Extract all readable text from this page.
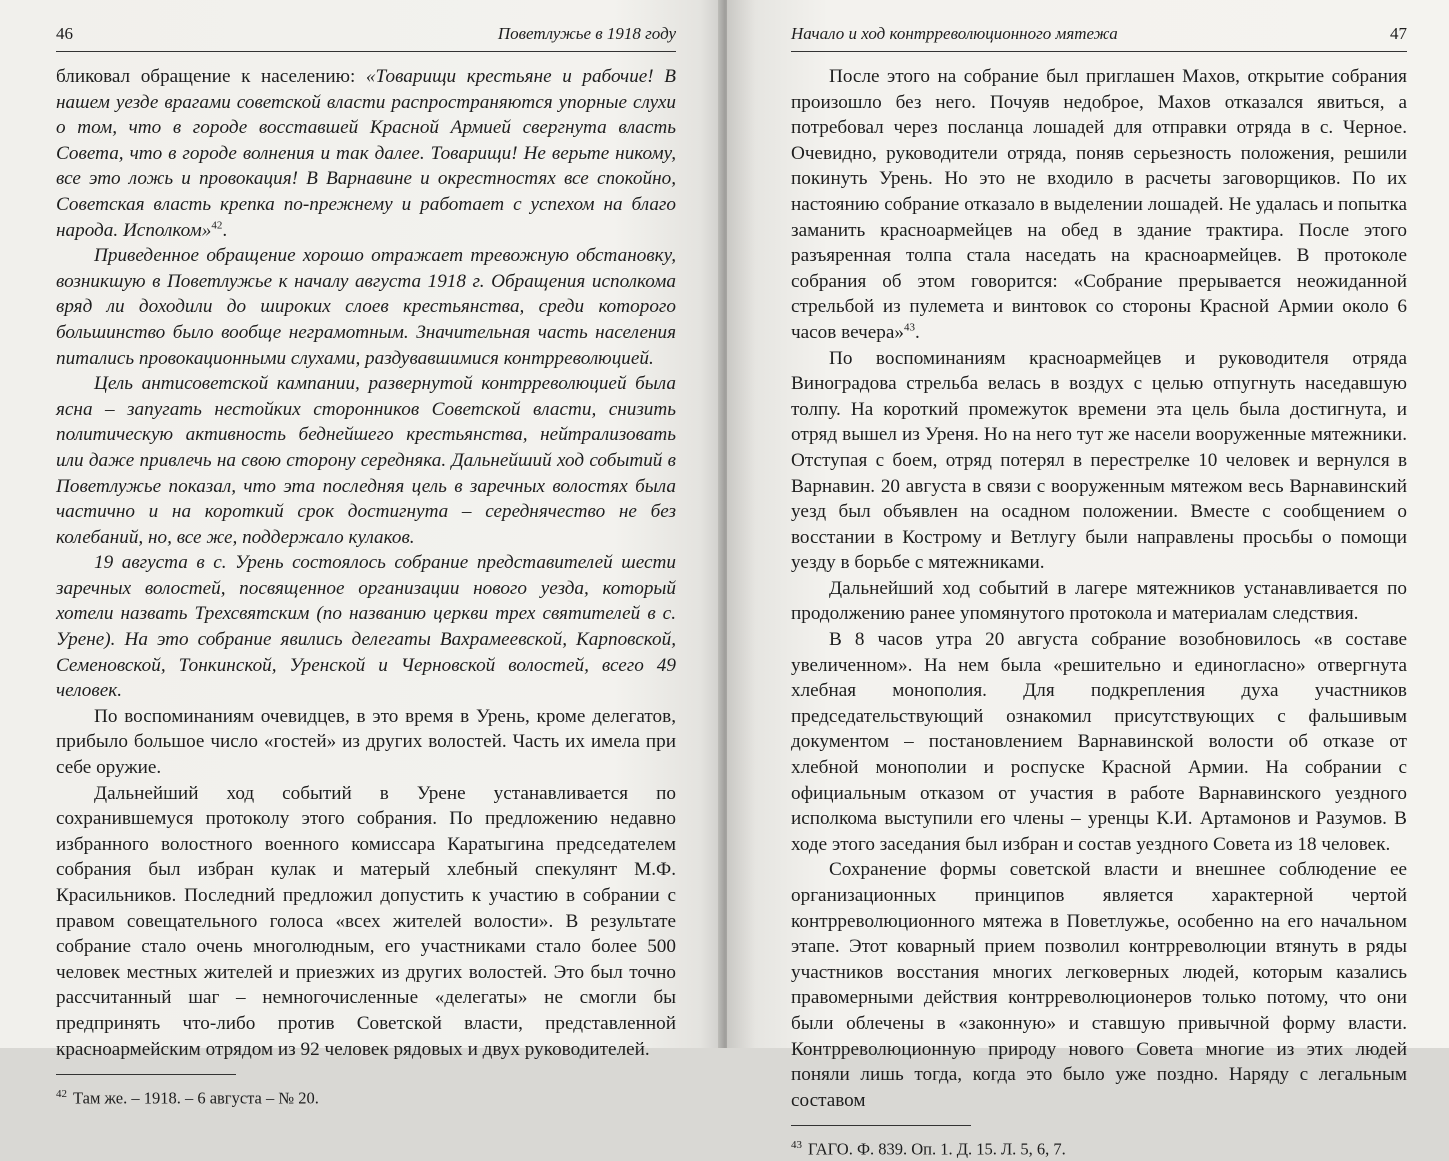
46	Поветлужье в 1918 году

бликовал обращение к населению: «Товарищи крестьяне и рабочие! В нашем уезде врагами советской власти распространяются упорные слухи о том, что в городе восставшей Красной Армией свергнута власть Совета, что в городе волнения и так далее. Товарищи! Не верьте никому, все это ложь и провокация! В Варнавине и окрестностях все спокойно, Советская власть крепка по-прежнему и работает с успехом на благо народа. Исполком»$^{42}$.

Приведенное обращение хорошо отражает тревожную обстановку, возникшую в Поветлужье к началу августа 1918 г. Обращения исполкома вряд ли доходили до широких слоев крестьянства, среди которого большинство было вообще неграмотным. Значительная часть населения питались провокационными слухами, раздувавшимися контрреволюцией.

Цель антисоветской кампании, развернутой контрреволюцией была ясна – запугать нестойких сторонников Советской власти, снизить политическую активность беднейшего крестьянства, нейтрализовать или даже привлечь на свою сторону середняка. Дальнейший ход событий в Поветлужье показал, что эта последняя цель в заречных волостях была частично и на короткий срок достигнута – середнячество не без колебаний, но, все же, поддержало кулаков.

19 августа в с. Урень состоялось собрание представителей шести заречных волостей, посвященное организации нового уезда, который хотели назвать Трехсвятским (по названию церкви трех святителей в с. Урене). На это собрание явились делегаты Вахрамеевской, Карповской, Семеновской, Тонкинской, Уренской и Черновской волостей, всего 49 человек.

По воспоминаниям очевидцев, в это время в Урень, кроме делегатов, прибыло большое число «гостей» из других волостей. Часть их имела при себе оружие.

Дальнейший ход событий в Урене устанавливается по сохранившемуся протоколу этого собрания. По предложению недавно избранного волостного военного комиссара Каратыгина председателем собрания был избран кулак и матерый хлебный спекулянт М.Ф. Красильников. Последний предложил допустить к участию в собрании с правом совещательного голоса «всех жителей волости». В результате собрание стало очень многолюдным, его участниками стало более 500 человек местных жителей и приезжих из других волостей. Это был точно рассчитанный шаг – немногочисленные «делегаты» не смогли бы предпринять что-либо против Советской власти, представленной красноармейским отрядом из 92 человек рядовых и двух руководителей.

$^{42}$ Там же. – 1918. – 6 августа – № 20.
Начало и ход контрреволюционного мятежа	47

После этого на собрание был приглашен Махов, открытие собрания произошло без него. Почуяв недоброе, Махов отказался явиться, а потребовал через посланца лошадей для отправки отряда в с. Черное. Очевидно, руководители отряда, поняв серьезность положения, решили покинуть Урень. Но это не входило в расчеты заговорщиков. По их настоянию собрание отказало в выделении лошадей. Не удалась и попытка заманить красноармейцев на обед в здание трактира. После этого разъяренная толпа стала наседать на красноармейцев. В протоколе собрания об этом говорится: «Собрание прерывается неожиданной стрельбой из пулемета и винтовок со стороны Красной Армии около 6 часов вечера»$^{43}$.

По воспоминаниям красноармейцев и руководителя отряда Виноградова стрельба велась в воздух с целью отпугнуть наседавшую толпу. На короткий промежуток времени эта цель была достигнута, и отряд вышел из Уреня. Но на него тут же насели вооруженные мятежники. Отступая с боем, отряд потерял в перестрелке 10 человек и вернулся в Варнавин. 20 августа в связи с вооруженным мятежом весь Варнавинский уезд был объявлен на осадном положении. Вместе с сообщением о восстании в Кострому и Ветлугу были направлены просьбы о помощи уезду в борьбе с мятежниками.

Дальнейший ход событий в лагере мятежников устанавливается по продолжению ранее упомянутого протокола и материалам следствия.

В 8 часов утра 20 августа собрание возобновилось «в составе увеличенном». На нем была «решительно и единогласно» отвергнута хлебная монополия. Для подкрепления духа участников председательствующий ознакомил присутствующих с фальшивым документом – постановлением Варнавинской волости об отказе от хлебной монополии и роспуске Красной Армии. На собрании с официальным отказом от участия в работе Варнавинского уездного исполкома выступили его члены – уренцы К.И. Артамонов и Разумов. В ходе этого заседания был избран и состав уездного Совета из 18 человек.

Сохранение формы советской власти и внешнее соблюдение ее организационных принципов является характерной чертой контрреволюционного мятежа в Поветлужье, особенно на его начальном этапе. Этот коварный прием позволил контрреволюции втянуть в ряды участников восстания многих легковерных людей, которым казались правомерными действия контрреволюционеров только потому, что они были облечены в «законную» и ставшую привычной форму власти. Контрреволюционную природу нового Совета многие из этих людей поняли лишь тогда, когда это было уже поздно. Наряду с легальным составом

$^{43}$ ГАГО. Ф. 839. Оп. 1. Д. 15. Л. 5, 6, 7.
